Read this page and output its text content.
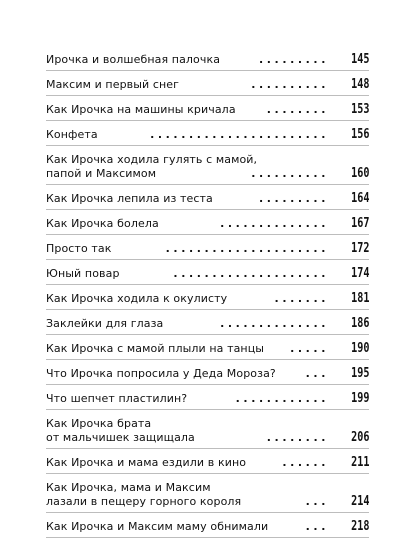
Ирочка и волшебная палочка	......... 145
Максим и первый снег	.......... 148
Как Ирочка на машины кричала	........ 153
Конфета	....................... 156
Как Ирочка ходила гулять с мамой,
папой и Максимом	.......... 160
Как Ирочка лепила из теста	......... 164
Как Ирочка болела	.............. 167
Просто так	..................... 172
Юный повар	.................... 174
Как Ирочка ходила к окулисту	....... 181
Заклейки для глаза	.............. 186
Как Ирочка с мамой плыли на танцы	..... 190
Что Ирочка попросила у Деда Мороза?	... 195
Что шепчет пластилин?	............ 199
Как Ирочка брата
от мальчишек защищала	........ 206
Как Ирочка и мама ездили в кино	...... 211
Как Ирочка, мама и Максим
лазали в пещеру горного короля	... 214
Как Ирочка и Максим маму обнимали	... 218
